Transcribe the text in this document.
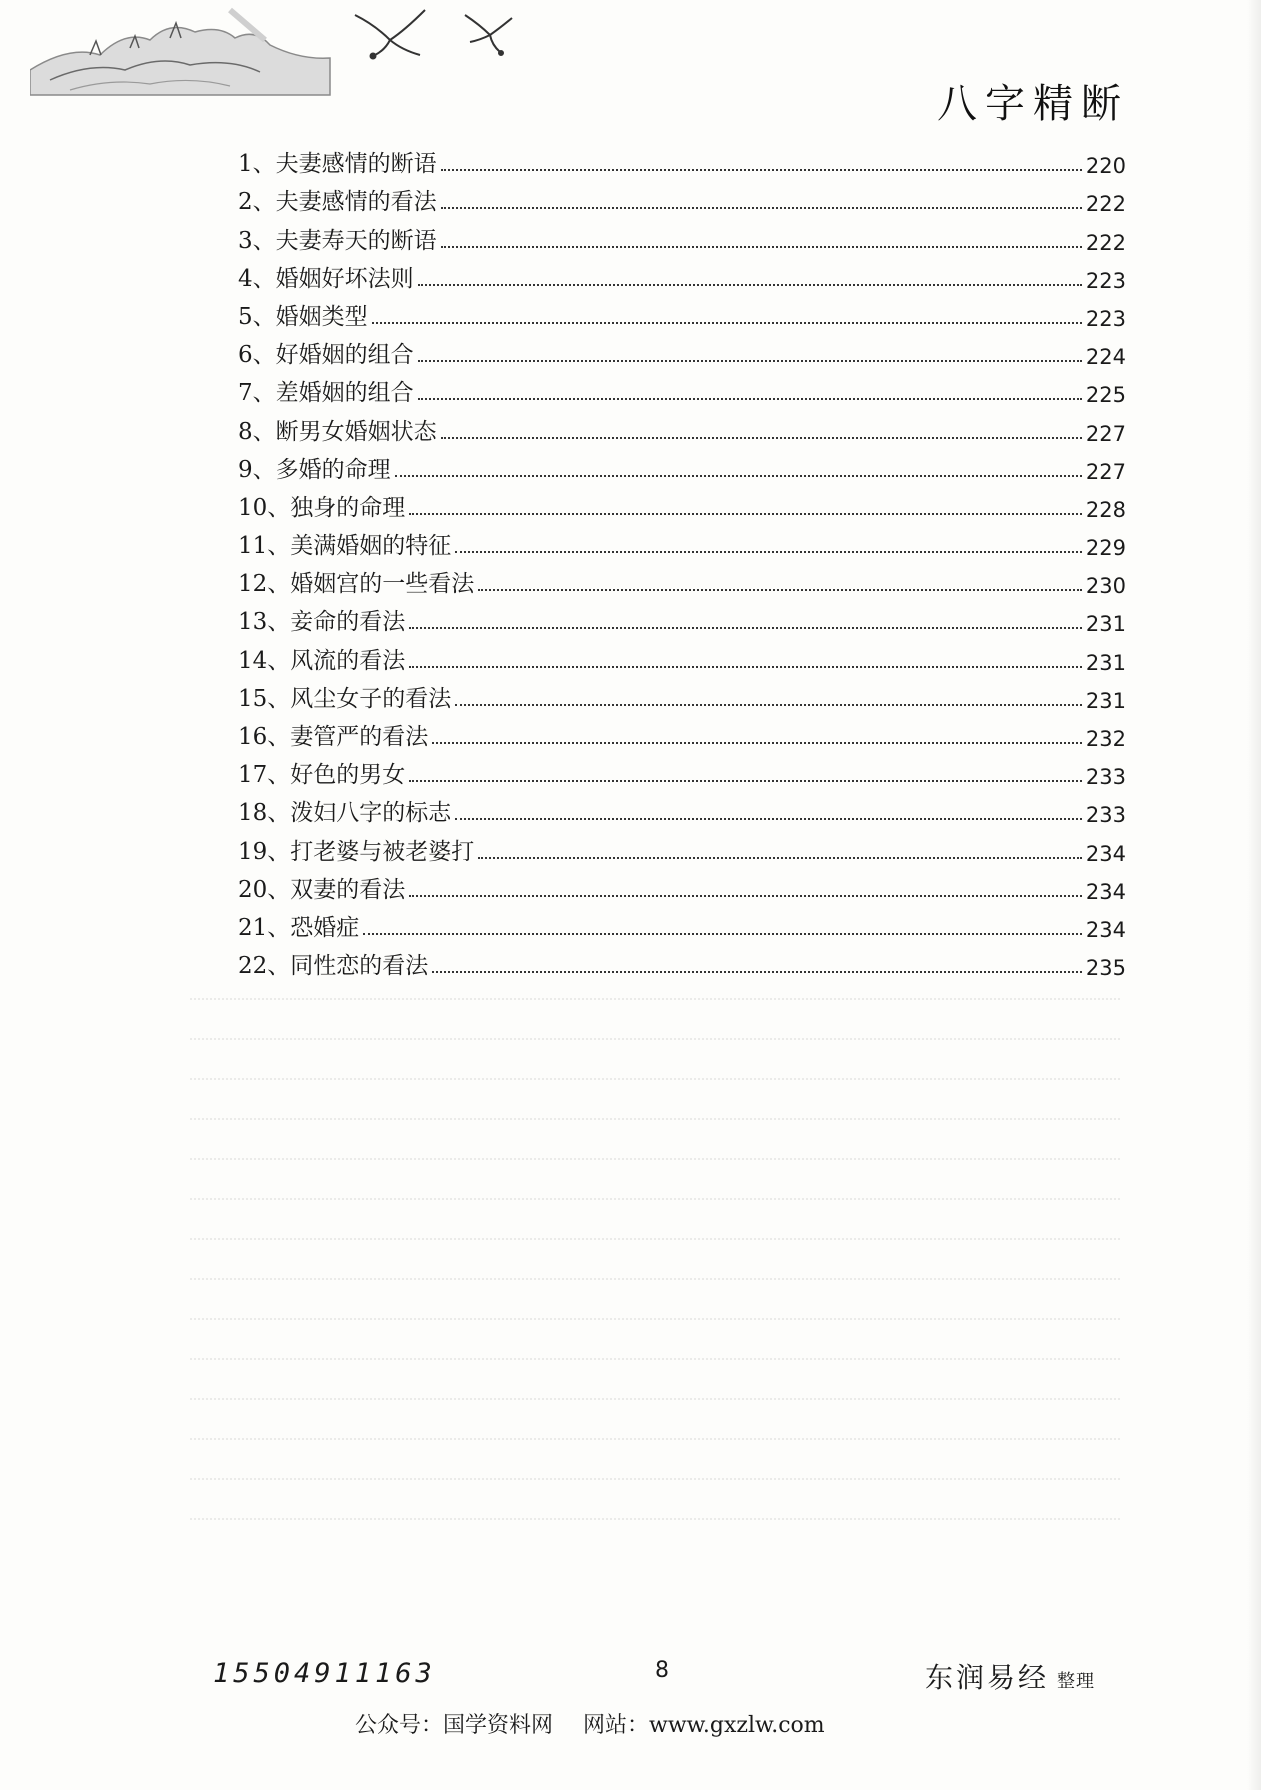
八字精断
1、夫妻感情的断语	220
2、夫妻感情的看法	222
3、夫妻寿天的断语	222
4、婚姻好坏法则	223
5、婚姻类型	223
6、好婚姻的组合	224
7、差婚姻的组合	225
8、断男女婚姻状态	227
9、多婚的命理	227
10、独身的命理	228
11、美满婚姻的特征	229
12、婚姻宫的一些看法	230
13、妾命的看法	231
14、风流的看法	231
15、风尘女子的看法	231
16、妻管严的看法	232
17、好色的男女	233
18、泼妇八字的标志	233
19、打老婆与被老婆打	234
20、双妻的看法	234
21、恐婚症	234
22、同性恋的看法	235
15504911163	8	东润易经 整理
公众号：国学资料网 网站：www.gxzlw.com
